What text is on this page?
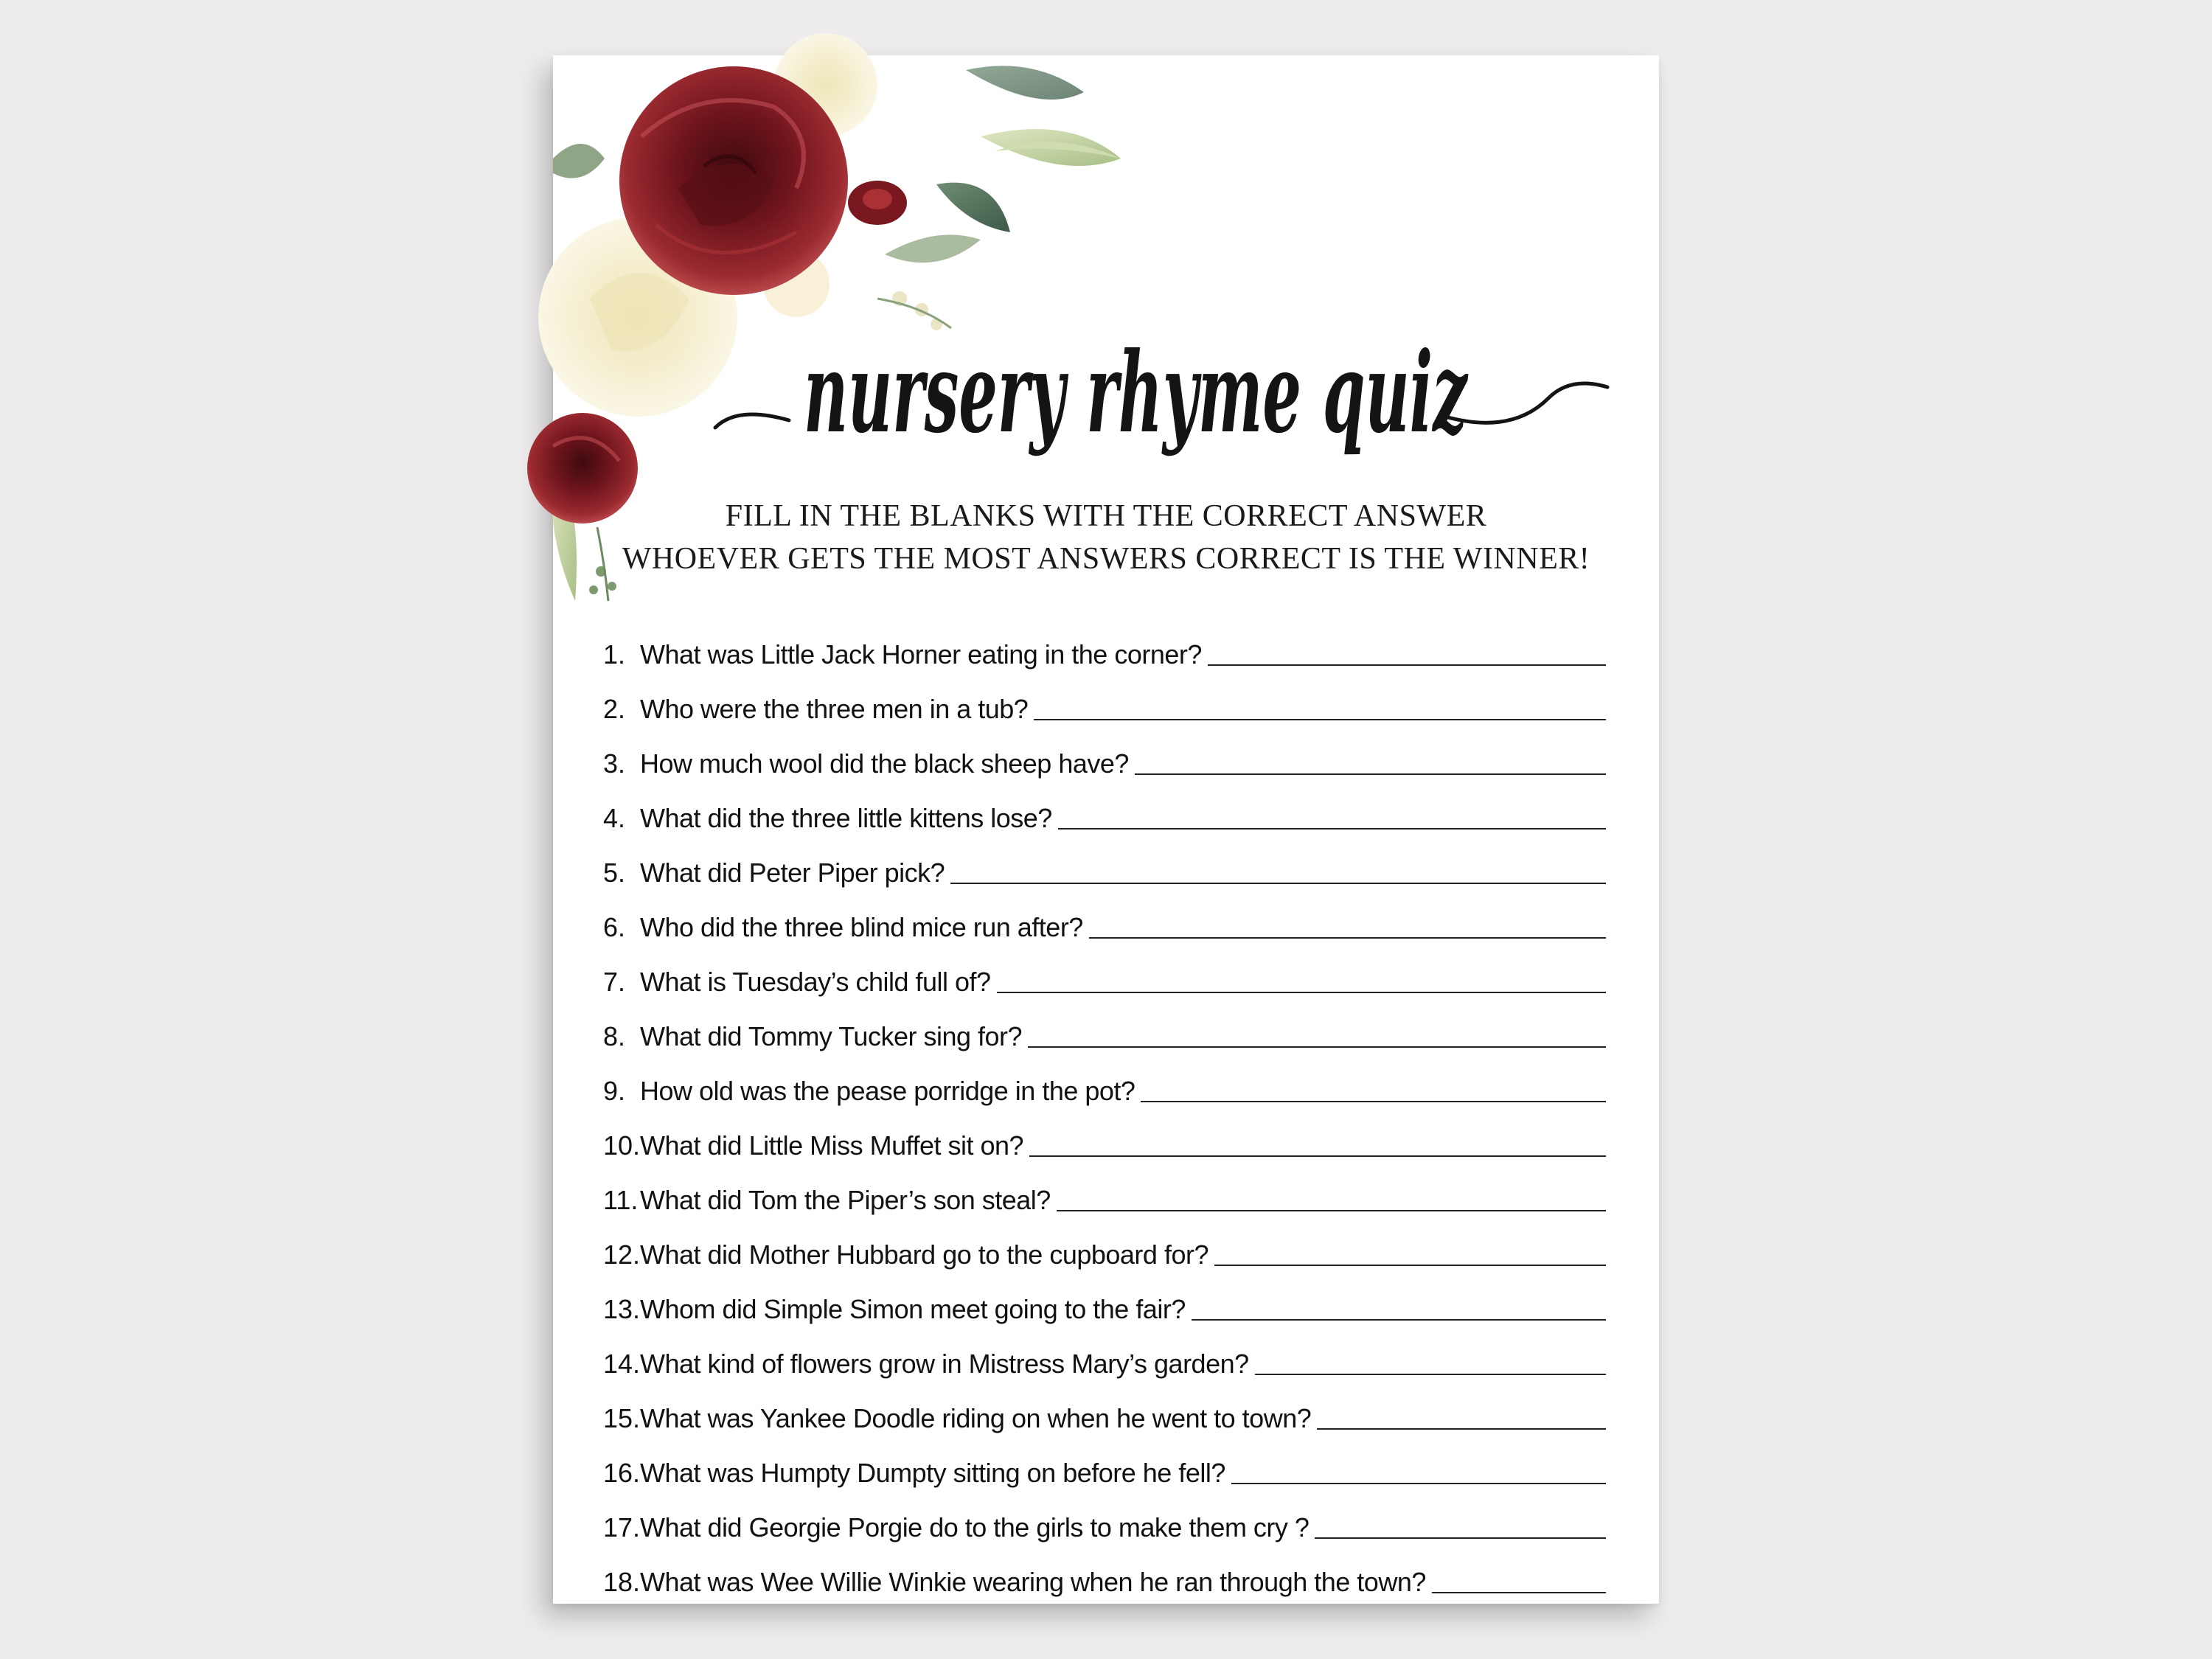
nursery rhyme quiz
FILL IN THE BLANKS WITH THE CORRECT ANSWER
WHOEVER GETS THE MOST ANSWERS CORRECT IS THE WINNER!
1. What was Little Jack Horner eating in the corner?
2. Who were the three men in a tub?
3. How much wool did the black sheep have?
4. What did the three little kittens lose?
5. What did Peter Piper pick?
6. Who did the three blind mice run after?
7. What is Tuesday’s child full of?
8. What did Tommy Tucker sing for?
9. How old was the pease porridge in the pot?
10. What did Little Miss Muffet sit on?
11. What did Tom the Piper’s son steal?
12. What did Mother Hubbard go to the cupboard for?
13. Whom did Simple Simon meet going to the fair?
14. What kind of flowers grow in Mistress Mary’s garden?
15. What was Yankee Doodle riding on when he went to town?
16. What was Humpty Dumpty sitting on before he fell?
17. What did Georgie Porgie do to the girls to make them cry ?
18. What was Wee Willie Winkie wearing when he ran through the town?
